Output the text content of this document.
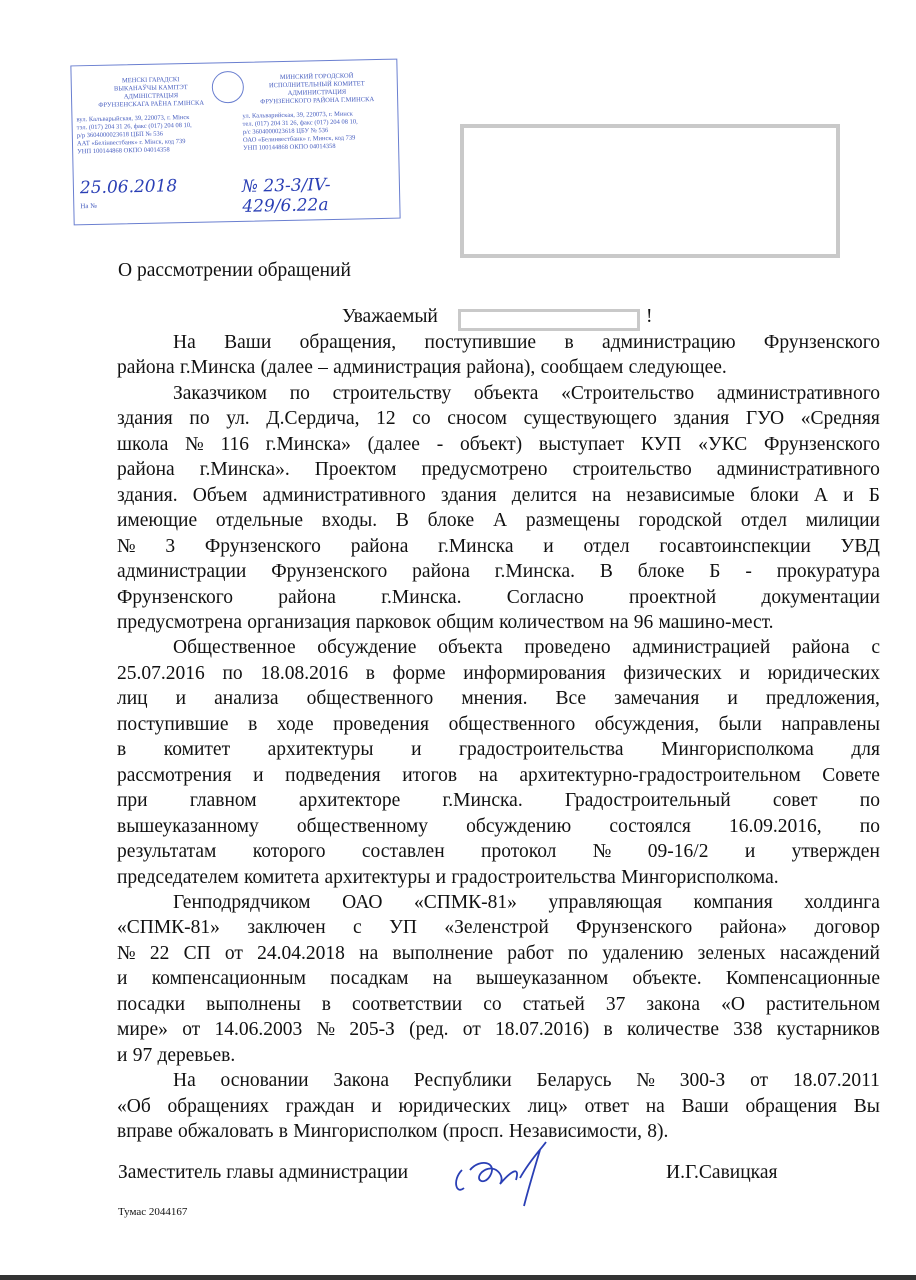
МЕНСКІ ГАРАДСКІ
ВЫКАНАЎЧЫ КАМІТЭТ
АДМІНІСТРАЦЫЯ
ФРУНЗЕНСКАГА РАЁНА Г.МІНСКА
вул. Калъварыйская, 39, 220073, г. Мінск
тэл. (017) 204 31 26, факс (017) 204 08 10,
р/р 3604000023618 ЦБП № 536
ААТ «Белінвестбанк» г. Мінск, код 739
УНП 100144868 ОКПО 04014358
МИНСКИЙ ГОРОДСКОЙ
ИСПОЛНИТЕЛЬНЫЙ КОМИТЕТ
АДМИНИСТРАЦИЯ
ФРУНЗЕНСКОГО РАЙОНА Г.МИНСКА
ул. Кальварийская, 39, 220073, г. Минск
тел. (017) 204 31 26, факс (017) 204 08 10,
р/с 3604000023618 ЦБУ № 536
ОАО «Белинвестбанк» г. Минск, код 739
УНП 100144868 ОКПО 04014358
25.06.2018	№ 23-3/IV-429/6.22a
На №
О рассмотрении обращений
Уважаемый	!
На Ваши обращения, поступившие в администрацию Фрунзенского
района г.Минска (далее – администрация района), сообщаем следующее.
Заказчиком по строительству объекта «Строительство административного
здания по ул. Д.Сердича, 12 со сносом существующего здания ГУО «Средняя
школа № 116 г.Минска» (далее - объект) выступает КУП «УКС Фрунзенского
района г.Минска». Проектом предусмотрено строительство административного
здания. Объем административного здания делится на независимые блоки А и Б
имеющие отдельные входы. В блоке А размещены городской отдел милиции
№ 3 Фрунзенского района г.Минска и отдел госавтоинспекции УВД
администрации Фрунзенского района г.Минска. В блоке Б - прокуратура
Фрунзенского района г.Минска. Согласно проектной документации
предусмотрена организация парковок общим количеством на 96 машино-мест.
Общественное обсуждение объекта проведено администрацией района с
25.07.2016 по 18.08.2016 в форме информирования физических и юридических
лиц и анализа общественного мнения. Все замечания и предложения,
поступившие в ходе проведения общественного обсуждения, были направлены
в комитет архитектуры и градостроительства Мингорисполкома для
рассмотрения и подведения итогов на архитектурно-градостроительном Совете
при главном архитекторе г.Минска. Градостроительный совет по
вышеуказанному общественному обсуждению состоялся 16.09.2016, по
результатам которого составлен протокол № 09-16/2 и утвержден
председателем комитета архитектуры и градостроительства Мингорисполкома.
Генподрядчиком ОАО «СПМК-81» управляющая компания холдинга
«СПМК-81» заключен с УП «Зеленстрой Фрунзенского района» договор
№ 22 СП от 24.04.2018 на выполнение работ по удалению зеленых насаждений
и компенсационным посадкам на вышеуказанном объекте. Компенсационные
посадки выполнены в соответствии со статьей 37 закона «О растительном
мире» от 14.06.2003 № 205-З (ред. от 18.07.2016) в количестве 338 кустарников
и 97 деревьев.
На основании Закона Республики Беларусь № 300-З от 18.07.2011
«Об обращениях граждан и юридических лиц» ответ на Ваши обращения Вы
вправе обжаловать в Мингорисполком (просп. Независимости, 8).
Заместитель главы администрации	И.Г.Савицкая
Тумас 2044167
